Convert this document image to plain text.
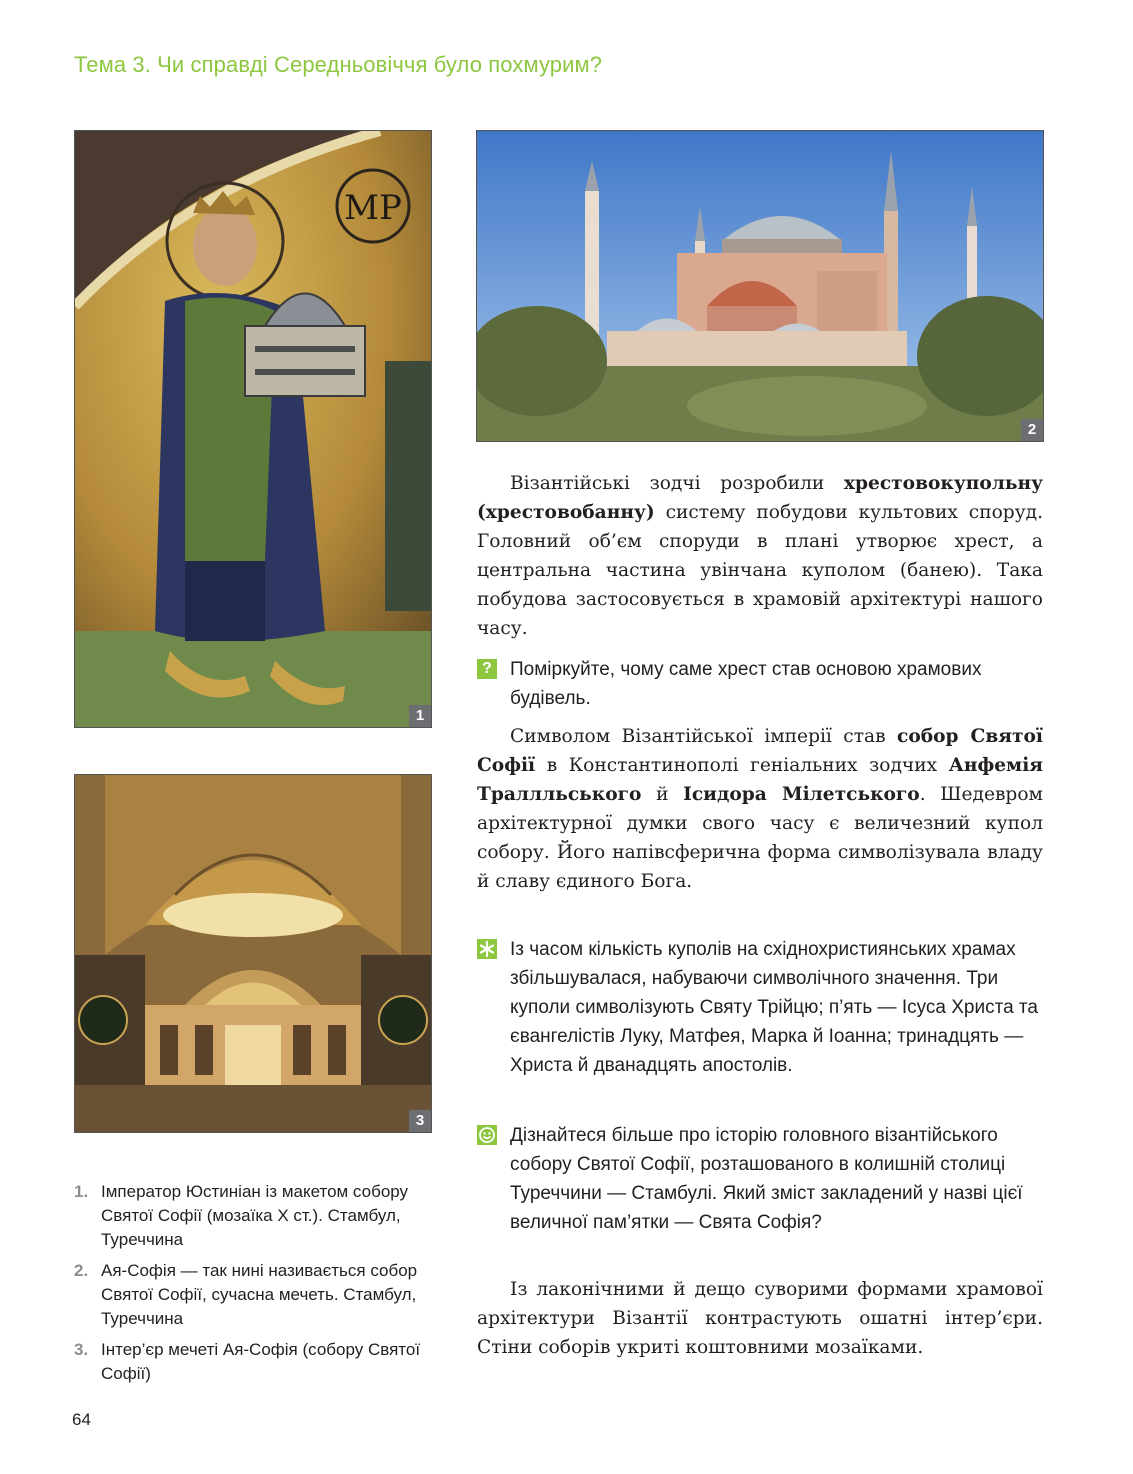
Тема 3. Чи справді Середньовіччя було похмурим?
ΜΡ
1
3
2

Візантійські зодчі розробили хрестовокупольну (хрестовобанну) систему побудови культових споруд. Головний об’єм споруди в плані утворює хрест, а центральна частина увінчана куполом (банею). Така побудова застосовується в храмовій архітектурі нашого часу.

? Поміркуйте, чому саме хрест став основою храмових будівель.

Символом Візантійської імперії став собор Святої Софії в Константинополі геніальних зодчих Анфемія Траллльського й Ісидора Мілетського. Шедевром архітектурної думки свого часу є величезний купол собору. Його напівсферична форма символізувала владу й славу єдиного Бога.

Із часом кількість куполів на східнохристиянських храмах збільшувалася, набуваючи символічного значення. Три куполи символізують Святу Трійцю; п’ять — Ісуса Христа та євангелістів Луку, Матфея, Марка й Іоанна; тринадцять — Христа й дванадцять апостолів.
Дізнайтеся більше про історію головного візантійського собору Святої Софії, розташованого в колишній столиці Туреччини — Стамбулі. Який зміст закладений у назві цієї величної пам’ятки — Свята Софія?

Із лаконічними й дещо суворими формами храмової архітектури Візантії контрастують ошатні інтер’єри. Стіни соборів укриті коштовними мозаїками.

1. Імператор Юстиніан із макетом собору Святої Софії (мозаїка X ст.). Стамбул, Туреччина
2. Ая-Софія — так нині називається собор Святої Софії, сучасна мечеть. Стамбул, Туреччина
3. Інтер’єр мечеті Ая-Софія (собору Святої Софії)
64
